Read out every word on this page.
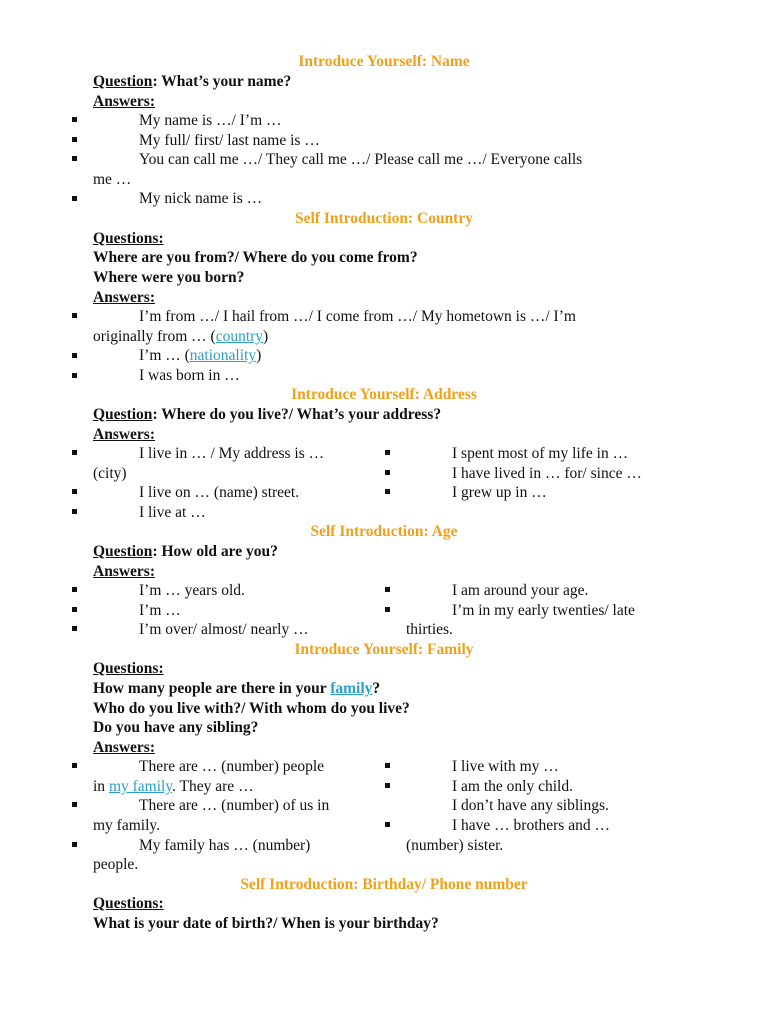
Introduce Yourself: Name
Question: What’s your name?
Answers:
My name is …/ I’m …
My full/ first/ last name is …
You can call me …/ They call me …/ Please call me …/ Everyone calls
me …
My nick name is …
Self Introduction: Country
Questions:
Where are you from?/ Where do you come from?
Where were you born?
Answers:
I’m from …/ I hail from …/ I come from …/ My hometown is …/ I’m
originally from … (country)
I’m … (nationality)
I was born in …
Introduce Yourself: Address
Question: Where do you live?/ What’s your address?
Answers:
I live in … / My address is …
(city)
I live on … (name) street.
I live at …
I spent most of my life in …
I have lived in … for/ since …
I grew up in …
Self Introduction: Age
Question: How old are you?
Answers:
I’m … years old.
I’m …
I’m over/ almost/ nearly …
I am around your age.
I’m in my early twenties/ late
thirties.
Introduce Yourself: Family
Questions:
How many people are there in your family?
Who do you live with?/ With whom do you live?
Do you have any sibling?
Answers:
There are … (number) people
in my family. They are …
There are … (number) of us in
my family.
My family has … (number)
people.
I live with my …
I am the only child.
I don’t have any siblings.
I have … brothers and …
(number) sister.
Self Introduction: Birthday/ Phone number
Questions:
What is your date of birth?/ When is your birthday?
